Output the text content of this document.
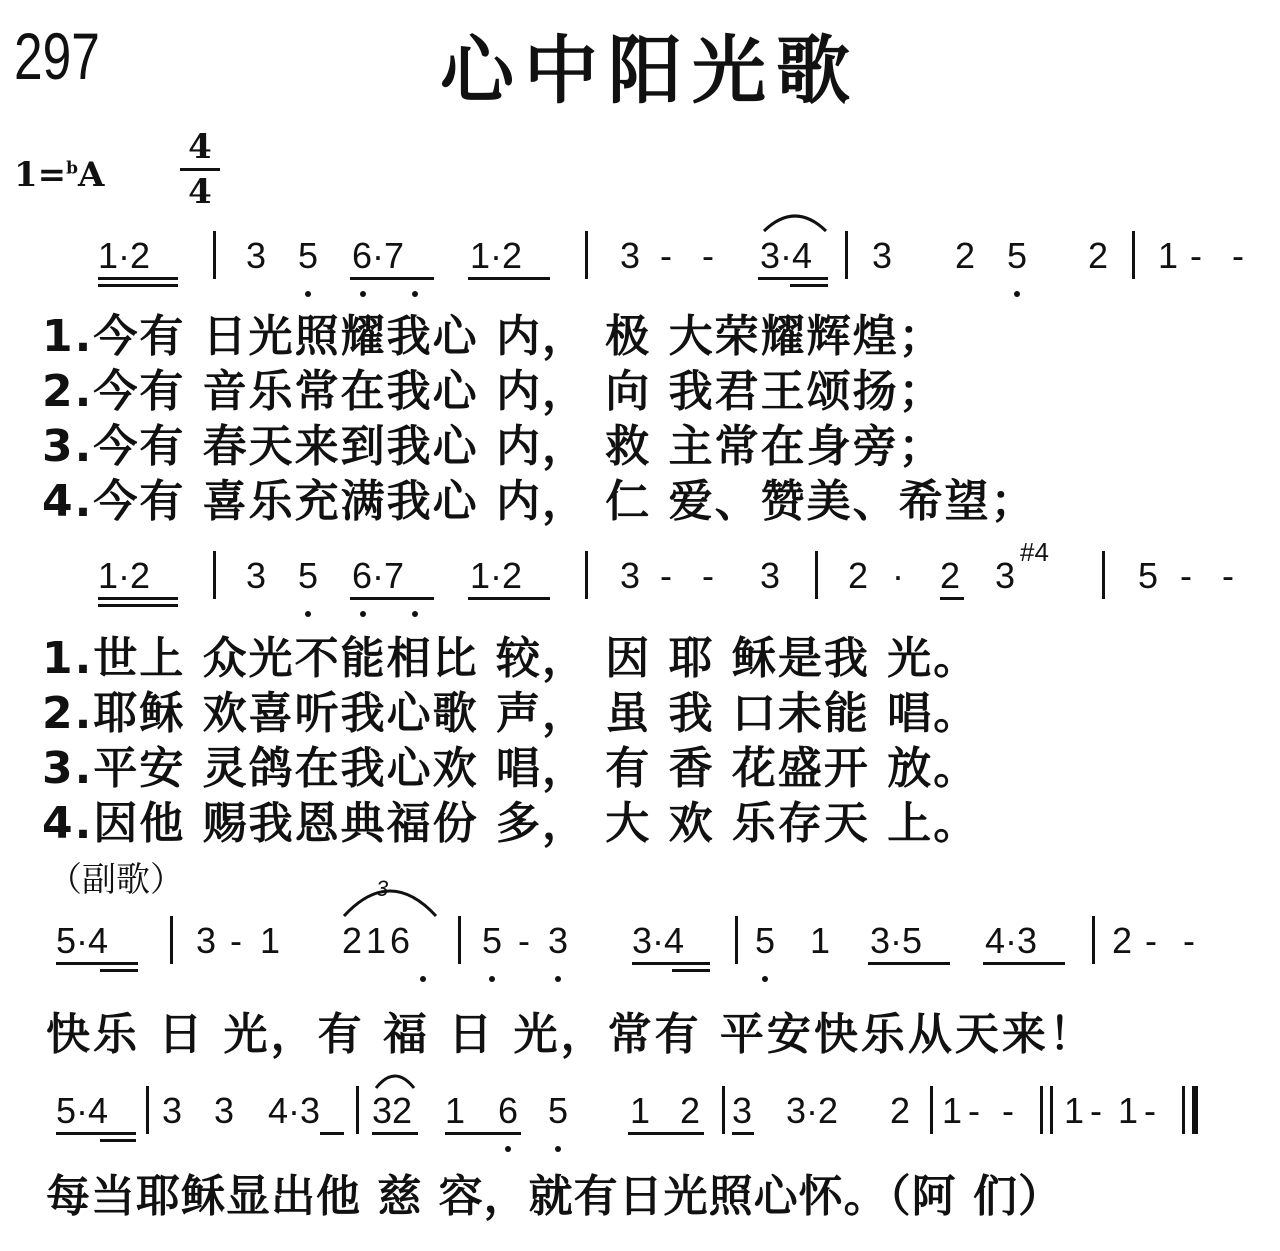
297	心中阳光歌
1=$^b$A
4
4
1·2	3 5 6·7 1·2	3 - - 3·4 3 2 5 2 1 - -
1.今有 日光照耀我心 内， 极 大荣耀辉煌；
2.今有 音乐常在我心 内， 向 我君王颂扬；
3.今有 春天来到我心 内， 救 主常在身旁；
4.今有 喜乐充满我心 内， 仁 爱、赞美、希望；
1·2	3 5 6·7 1·2	3 - - 3 2 · 2 3
#4
5 - -
1.世上 众光不能相比 较， 因 耶 稣是我 光。
2.耶稣 欢喜听我心歌 声， 虽 我 口未能 唱。
3.平安 灵鸽在我心欢 唱， 有 香 花盛开 放。
4.因他 赐我恩典福份 多， 大 欢 乐存天 上。
（副歌）
5·4 3 - 1 216
3
5 - 3 3·4 5 1 3·5 4·3 2 - -
快乐 日 光，有 福 日 光，常有 平安快乐从天来！
5·4 3 3 4·3 32 1 6 5 1 2 3 3·2 2 1 - - 1 - 1 -
每当耶稣显出他 慈 容，就有日光照心怀。（阿 们）
